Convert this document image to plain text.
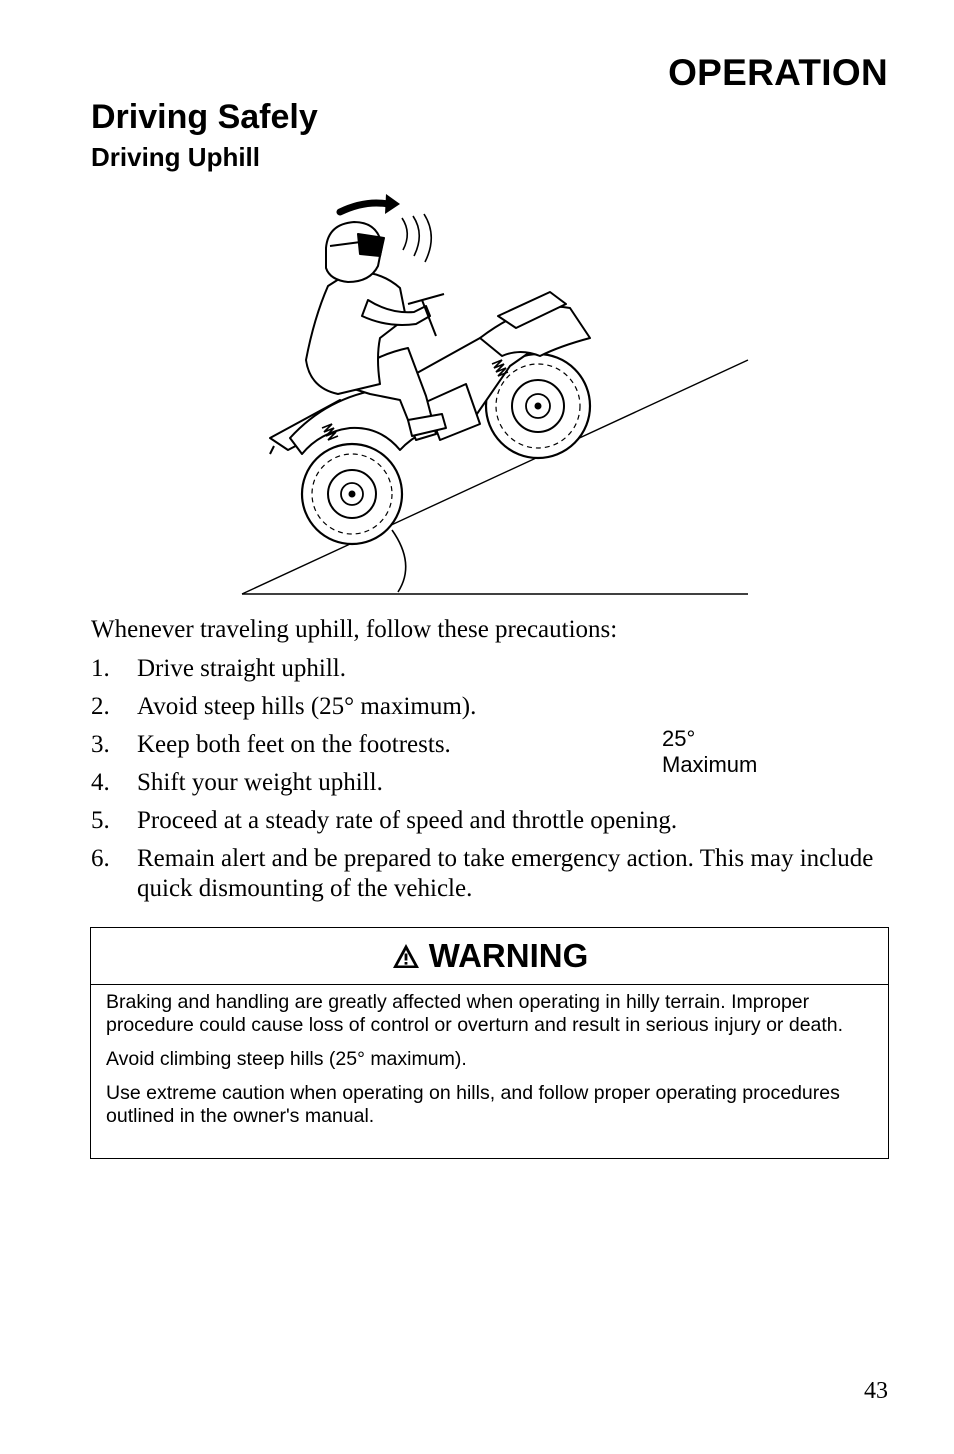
OPERATION
Driving Safely
Driving Uphill
25° Maximum
Whenever traveling uphill, follow these precautions:
1. Drive straight uphill.
2. Avoid steep hills (25° maximum).
3. Keep both feet on the footrests.
4. Shift your weight uphill.
5. Proceed at a steady rate of speed and throttle opening.
6. Remain alert and be prepared to take emergency action. This may include quick dismounting of the vehicle.
WARNING

Braking and handling are greatly affected when operating in hilly terrain. Improper procedure could cause loss of control or overturn and result in serious injury or death.

Avoid climbing steep hills (25° maximum).

Use extreme caution when operating on hills, and follow proper operating procedures outlined in the owner's manual.

43
